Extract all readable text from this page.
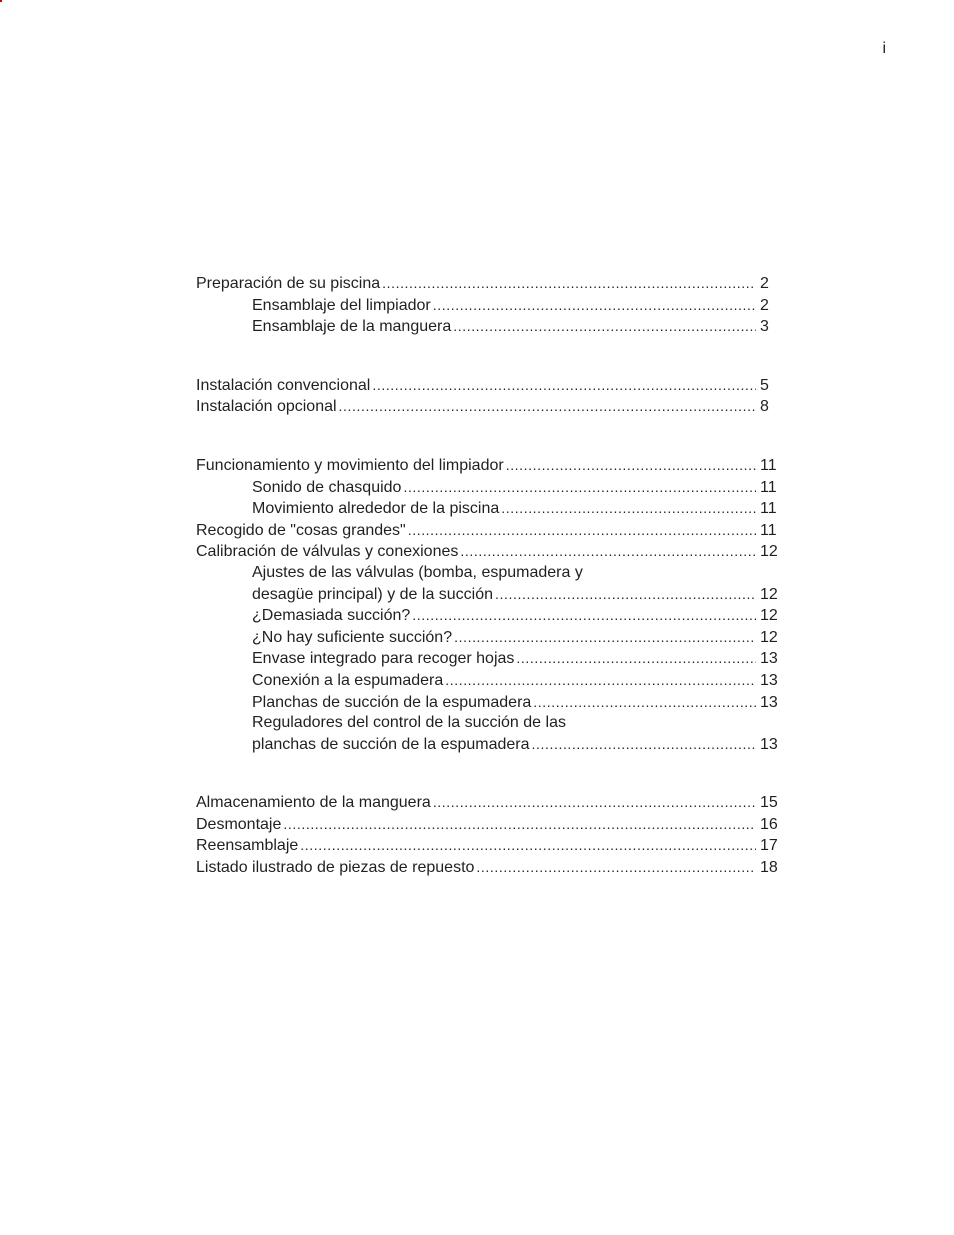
i
Preparación de su piscina .....	2
Ensamblaje del limpiador .....	2
Ensamblaje de la manguera .....	3
Instalación convencional .....	5
Instalación opcional .....	8
Funcionamiento y movimiento del limpiador .....	11
Sonido de chasquido .....	11
Movimiento alrededor de la piscina .....	11
Recogido de "cosas grandes" .....	11
Calibración de válvulas y conexiones .....	12
Ajustes de las válvulas (bomba, espumadera y
desagüe principal) y de la succión .....	12
¿Demasiada succión? .....	12
¿No hay suficiente succión? .....	12
Envase integrado para recoger hojas .....	13
Conexión a la espumadera .....	13
Planchas de succión de la espumadera .....	13
Reguladores del control de la succión de las
planchas de succión de la espumadera .....	13
Almacenamiento de la manguera .....	15
Desmontaje .....	16
Reensamblaje .....	17
Listado ilustrado de piezas de repuesto .....	18
